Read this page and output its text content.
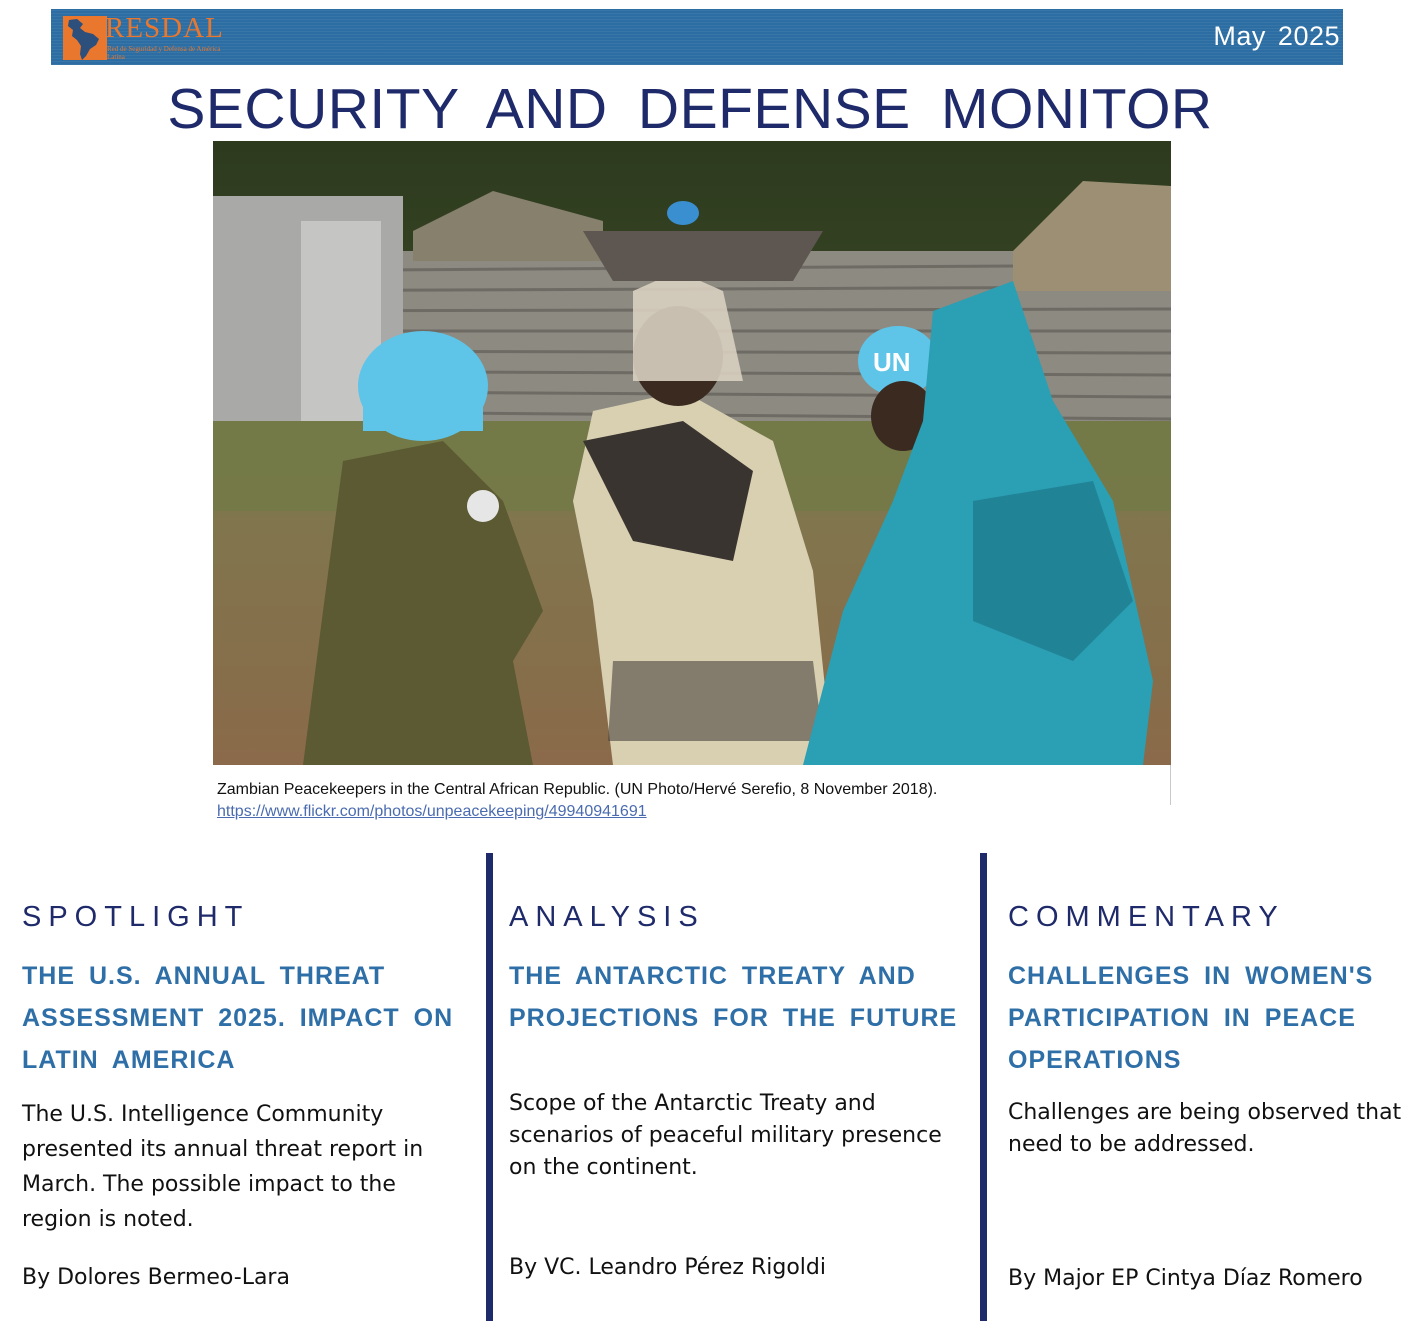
RESDAL
Red de Seguridad y Defensa de América Latina
May 2025
SECURITY AND DEFENSE MONITOR
UN
Zambian Peacekeepers in the Central African Republic. (UN Photo/Hervé Serefio, 8 November 2018).
https://www.flickr.com/photos/unpeacekeeping/49940941691
SPOTLIGHT
THE U.S. ANNUAL THREAT ASSESSMENT 2025. IMPACT ON LATIN AMERICA
The U.S. Intelligence Community presented its annual threat report in March. The possible impact to the region is noted.
By Dolores Bermeo-Lara
ANALYSIS
THE ANTARCTIC TREATY AND PROJECTIONS FOR THE FUTURE
Scope of the Antarctic Treaty and scenarios of peaceful military presence on the continent.
By VC. Leandro Pérez Rigoldi
COMMENTARY
CHALLENGES IN WOMEN'S PARTICIPATION IN PEACE OPERATIONS
Challenges are being observed that need to be addressed.
By Major EP Cintya Díaz Romero
